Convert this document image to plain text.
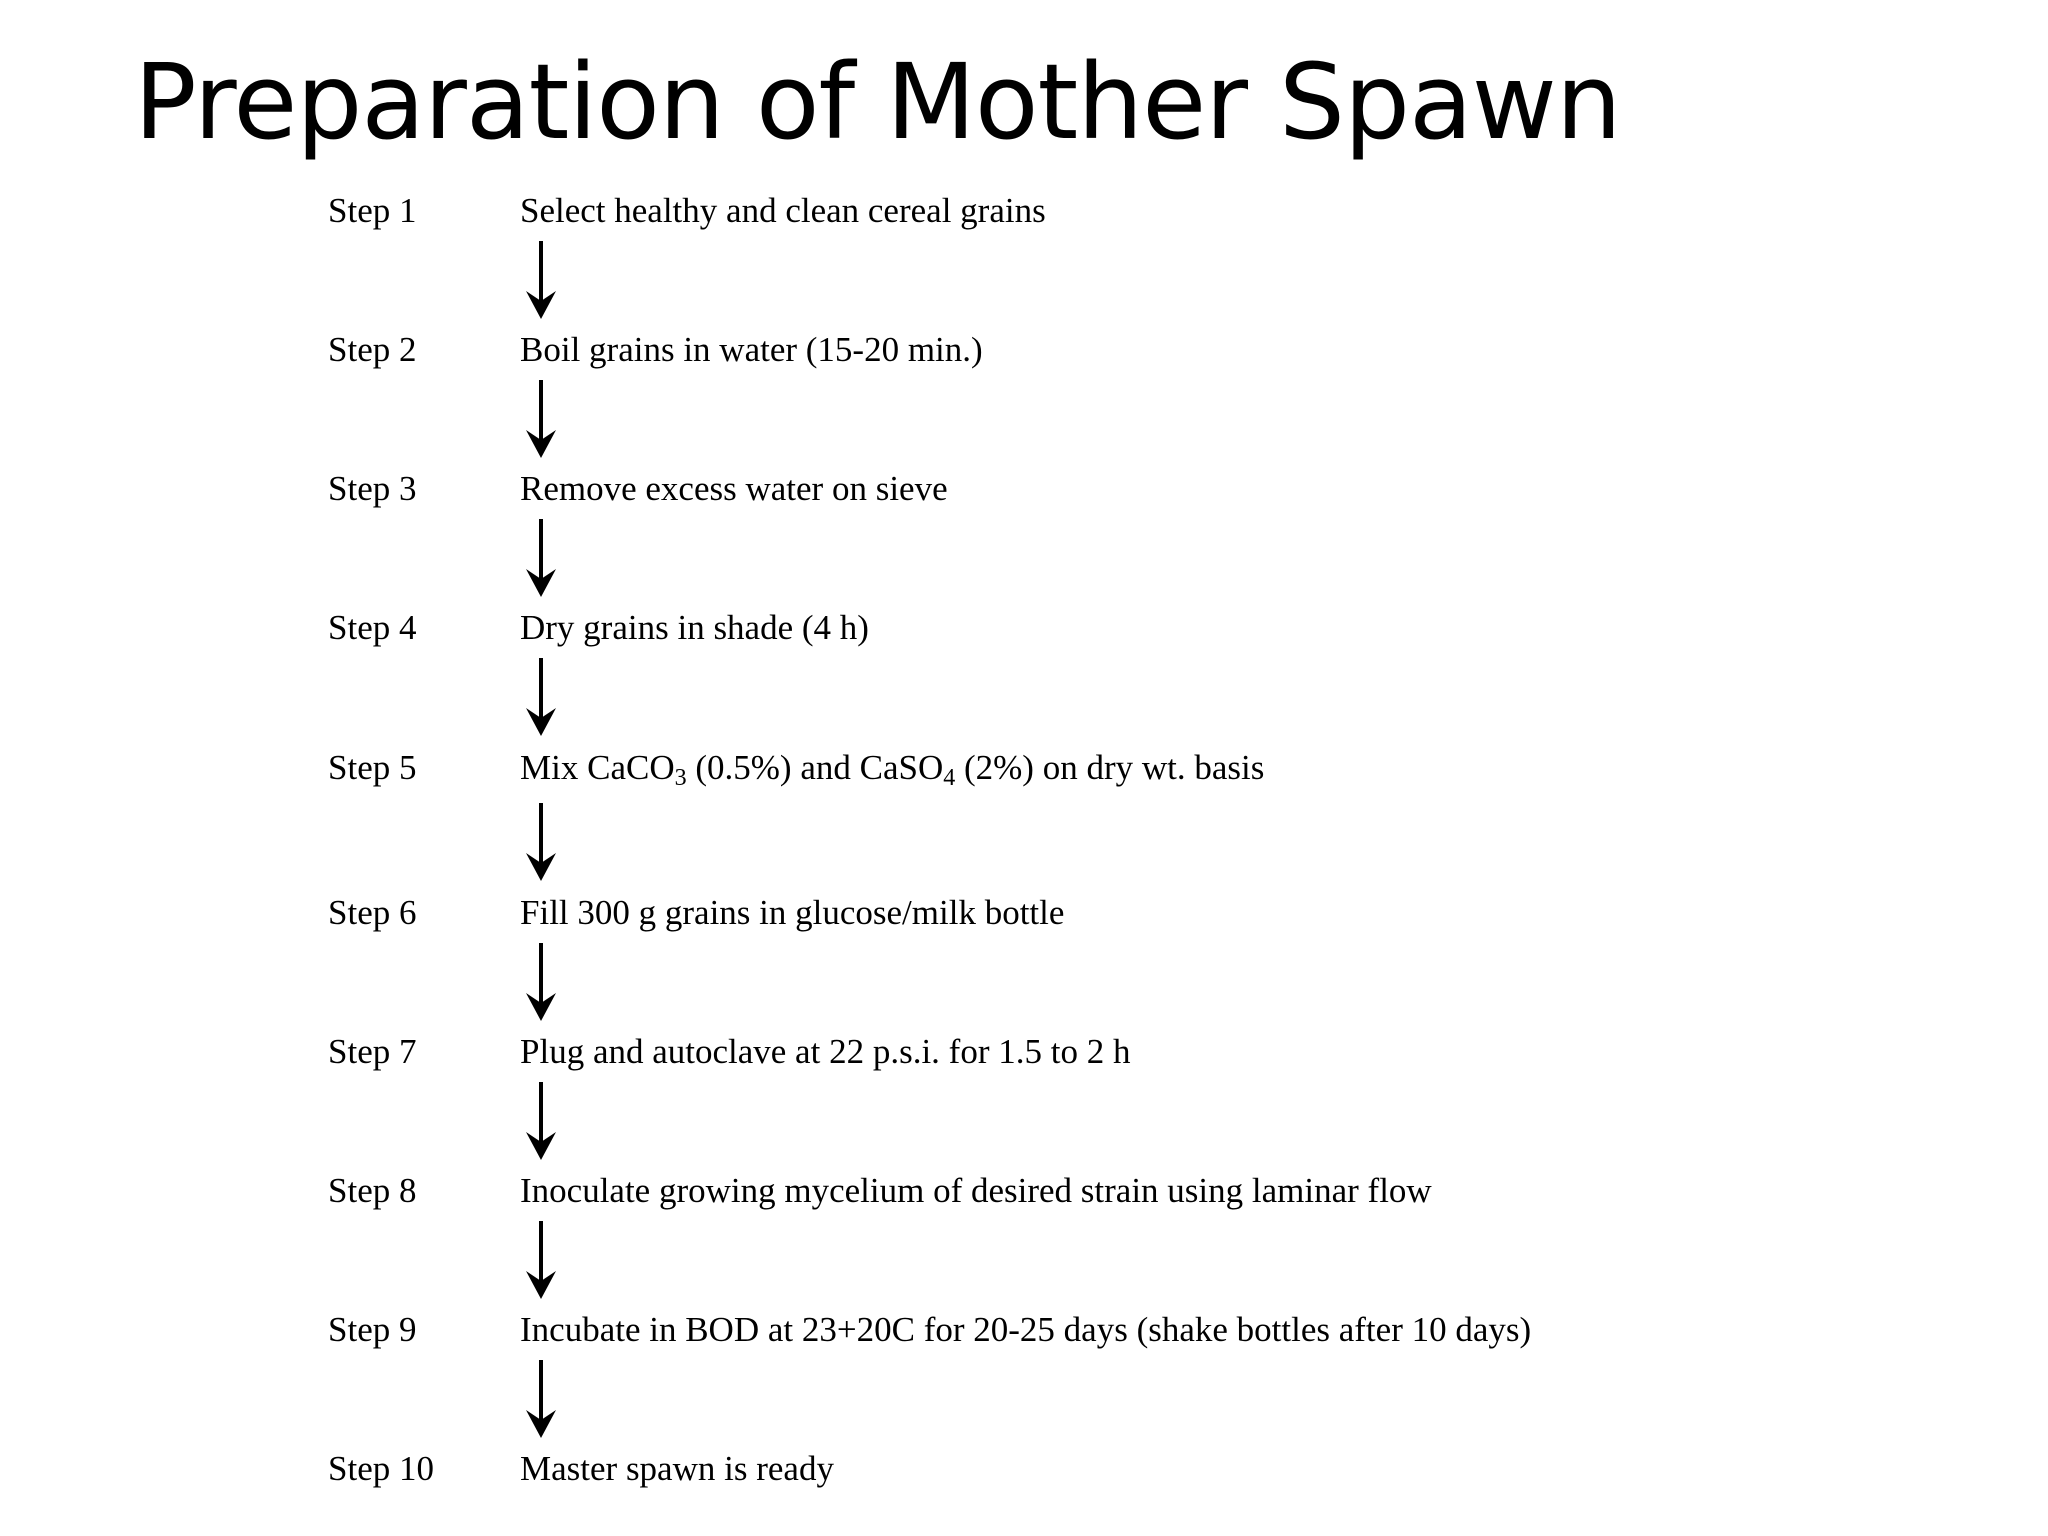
Preparation of Mother Spawn
Step 1	Select healthy and clean cereal grains
Step 2	Boil grains in water (15-20 min.)
Step 3	Remove excess water on sieve
Step 4	Dry grains in shade (4 h)
Step 5	Mix CaCO$_3$ (0.5%) and CaSO$_4$ (2%) on dry wt. basis
Step 6	Fill 300 g grains in glucose/milk bottle
Step 7	Plug and autoclave at 22 p.s.i. for 1.5 to 2 h
Step 8	Inoculate growing mycelium of desired strain using laminar flow
Step 9	Incubate in BOD at 23+20C for 20-25 days (shake bottles after 10 days)
Step 10 Master spawn is ready
